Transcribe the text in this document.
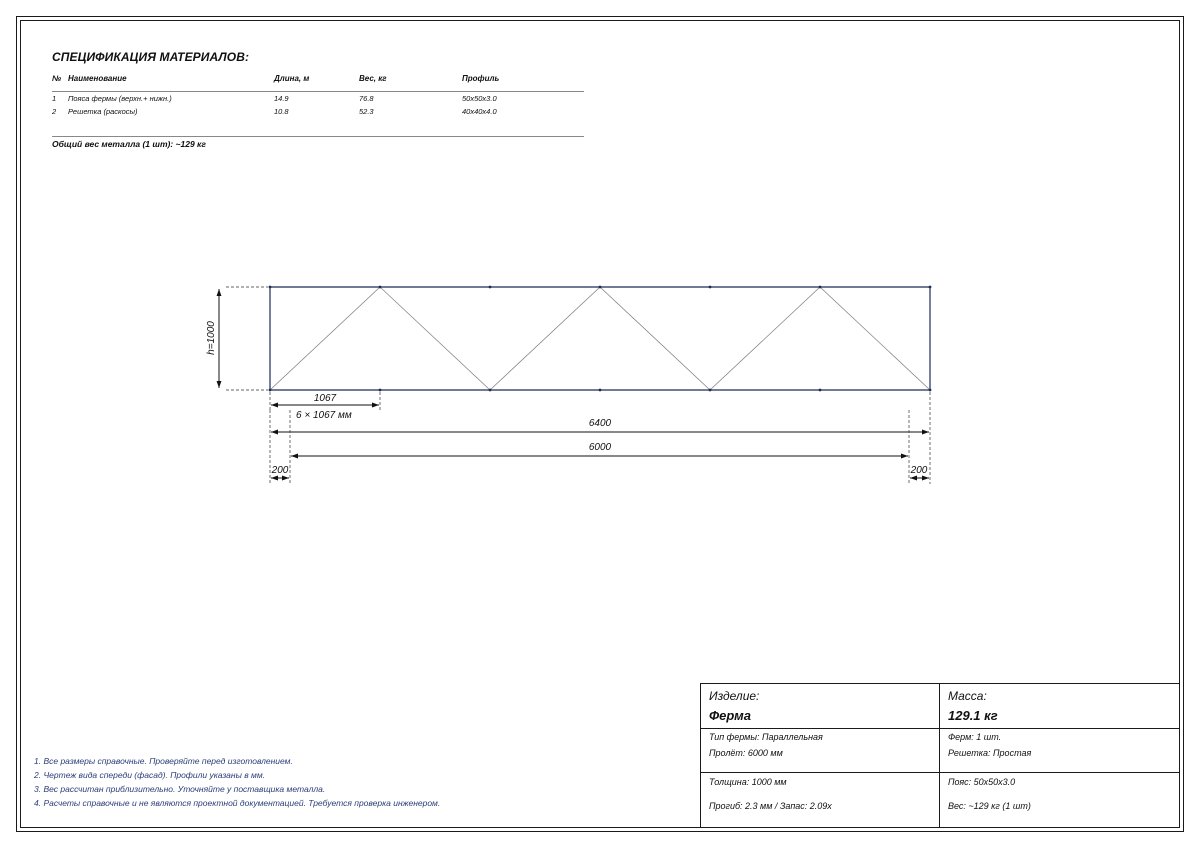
СПЕЦИФИКАЦИЯ МАТЕРИАЛОВ:
№ Наименование	Длина, м	Вес, кг	Профиль
1 Пояса фермы (верхн.+ нижн.)	14.9	76.8	50x50x3.0
2 Решетка (раскосы)	10.8	52.3	40x40x4.0
Общий вес металла (1 шт): ~129 кг
h=1000
1067
6 × 1067 мм
6400
6000
200	200
1. Все размеры справочные. Проверяйте перед изготовлением.
2. Чертеж вида спереди (фасад). Профили указаны в мм.
3. Вес рассчитан приблизительно. Уточняйте у поставщика металла.
4. Расчеты справочные и не являются проектной документацией. Требуется проверка инженером.
Изделие:
Ферма
Масса:
129.1 кг
Тип фермы: Параллельная
Пролёт: 6000 мм
Ферм: 1 шт.
Решетка: Простая
Толщина: 1000 мм
Прогиб: 2.3 мм / Запас: 2.09x
Пояс: 50x50x3.0
Вес: ~129 кг (1 шт)
